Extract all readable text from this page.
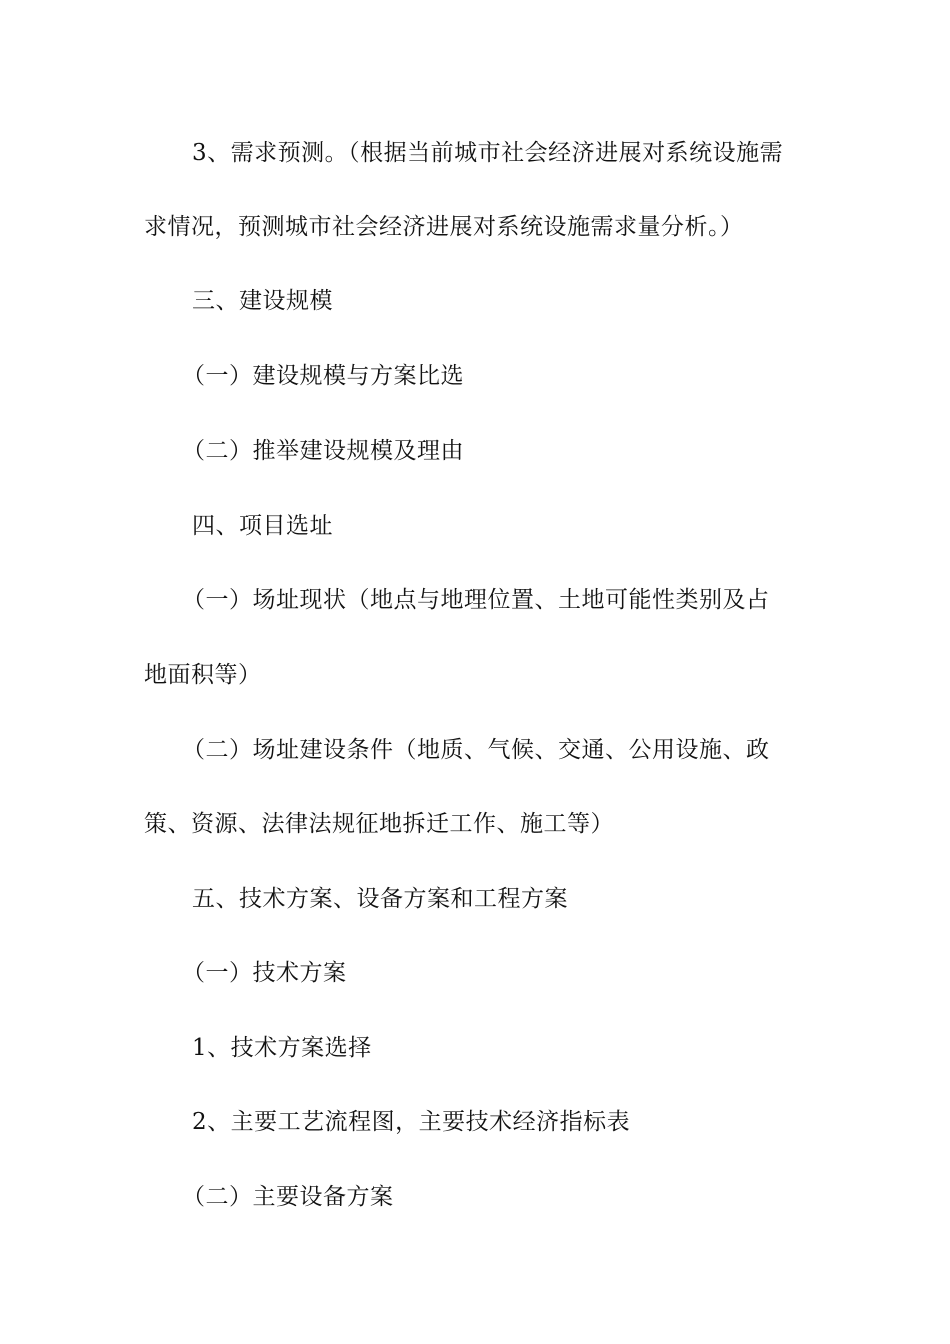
3、需求预测。（根据当前城市社会经济进展对系统设施需
求情况，预测城市社会经济进展对系统设施需求量分析。）
三、建设规模
（一）建设规模与方案比选
（二）推举建设规模及理由
四、项目选址
（一）场址现状（地点与地理位置、土地可能性类别及占
地面积等）
（二）场址建设条件（地质、气候、交通、公用设施、政
策、资源、法律法规征地拆迁工作、施工等）
五、技术方案、设备方案和工程方案
（一）技术方案
1、技术方案选择
2、主要工艺流程图，主要技术经济指标表
（二）主要设备方案
